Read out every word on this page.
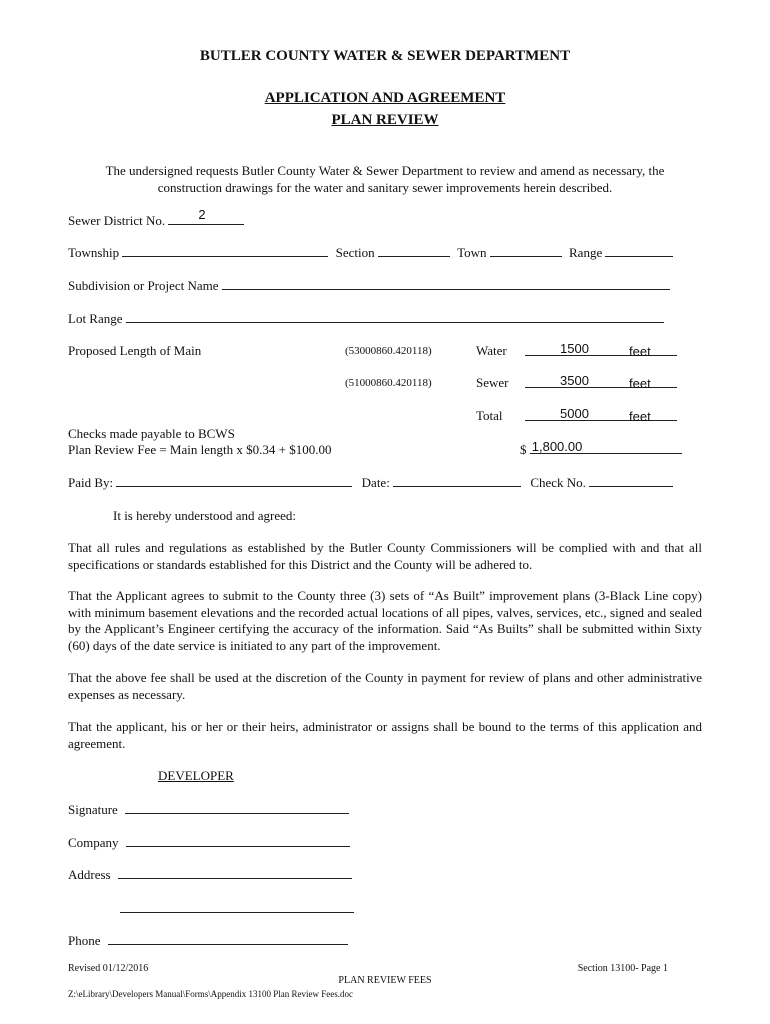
BUTLER COUNTY WATER & SEWER DEPARTMENT
APPLICATION AND AGREEMENT
PLAN REVIEW
The undersigned requests Butler County Water & Sewer Department to review and amend as necessary, the
construction drawings for the water and sanitary sewer improvements herein described.
Sewer District No.	2
Township	Section	Town	Range
Subdivision or Project Name
Lot Range
Proposed Length of Main	(53000860.420118)	Water	1500	feet
(51000860.420118)	Sewer	3500	feet
Total	5000	feet
Checks made payable to BCWS
Plan Review Fee = Main length x $0.34 + $100.00	$ 1,800.00
Paid By:	Date:	Check No.
It is hereby understood and agreed:
That all rules and regulations as established by the Butler County Commissioners will be complied with and that all specifications or standards established for this District and the County will be adhered to.
That the Applicant agrees to submit to the County three (3) sets of “As Built” improvement plans (3-Black Line copy) with minimum basement elevations and the recorded actual locations of all pipes, valves, services, etc., signed and sealed by the Applicant’s Engineer certifying the accuracy of the information. Said “As Builts” shall be submitted within Sixty (60) days of the date service is initiated to any part of the improvement.
That the above fee shall be used at the discretion of the County in payment for review of plans and other administrative expenses as necessary.
That the applicant, his or her or their heirs, administrator or assigns shall be bound to the terms of this application and agreement.
DEVELOPER
Signature
Company
Address
Phone
Revised 01/12/2016
PLAN REVIEW FEES
Section 13100- Page 1
Z:\eLibrary\Developers Manual\Forms\Appendix 13100 Plan Review Fees.doc
